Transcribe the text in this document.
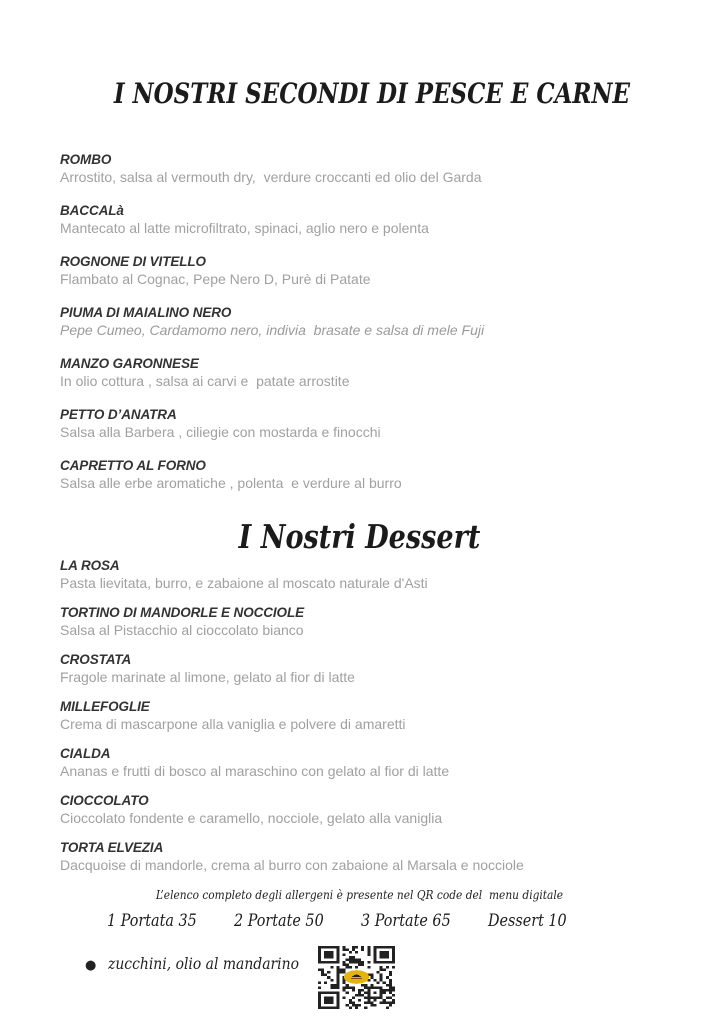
I NOSTRI SECONDI DI PESCE E CARNE
ROMBO
Arrostito, salsa al vermouth dry,  verdure croccanti ed olio del Garda
BACCALà
Mantecato al latte microfiltrato, spinaci, aglio nero e polenta
ROGNONE DI VITELLO
Flambato al Cognac, Pepe Nero D, Purè di Patate
PIUMA DI MAIALINO NERO
Pepe Cumeo, Cardamomo nero, indivia  brasate e salsa di mele Fuji
MANZO GARONNESE
In olio cottura , salsa ai carvi e  patate arrostite
PETTO D’ANATRA
Salsa alla Barbera , ciliegie con mostarda e finocchi
CAPRETTO AL FORNO
Salsa alle erbe aromatiche , polenta  e verdure al burro
I Nostri Dessert
LA ROSA
Pasta lievitata, burro, e zabaione al moscato naturale d'Asti
TORTINO DI MANDORLE E NOCCIOLE
Salsa al Pistacchio al cioccolato bianco
CROSTATA
Fragole marinate al limone, gelato al fior di latte
MILLEFOGLIE
Crema di mascarpone alla vaniglia e polvere di amaretti
CIALDA
Ananas e frutti di bosco al maraschino con gelato al fior di latte
CIOCCOLATO
Cioccolato fondente e caramello, nocciole, gelato alla vaniglia
TORTA ELVEZIA
Dacquoise di mandorle, crema al burro con zabaione al Marsala e nocciole
L’elenco completo degli allergeni è presente nel QR code del  menu digitale
1 Portata 35 2 Portate 50 3 Portate 65 Dessert 10
● zucchini, olio al mandarino
